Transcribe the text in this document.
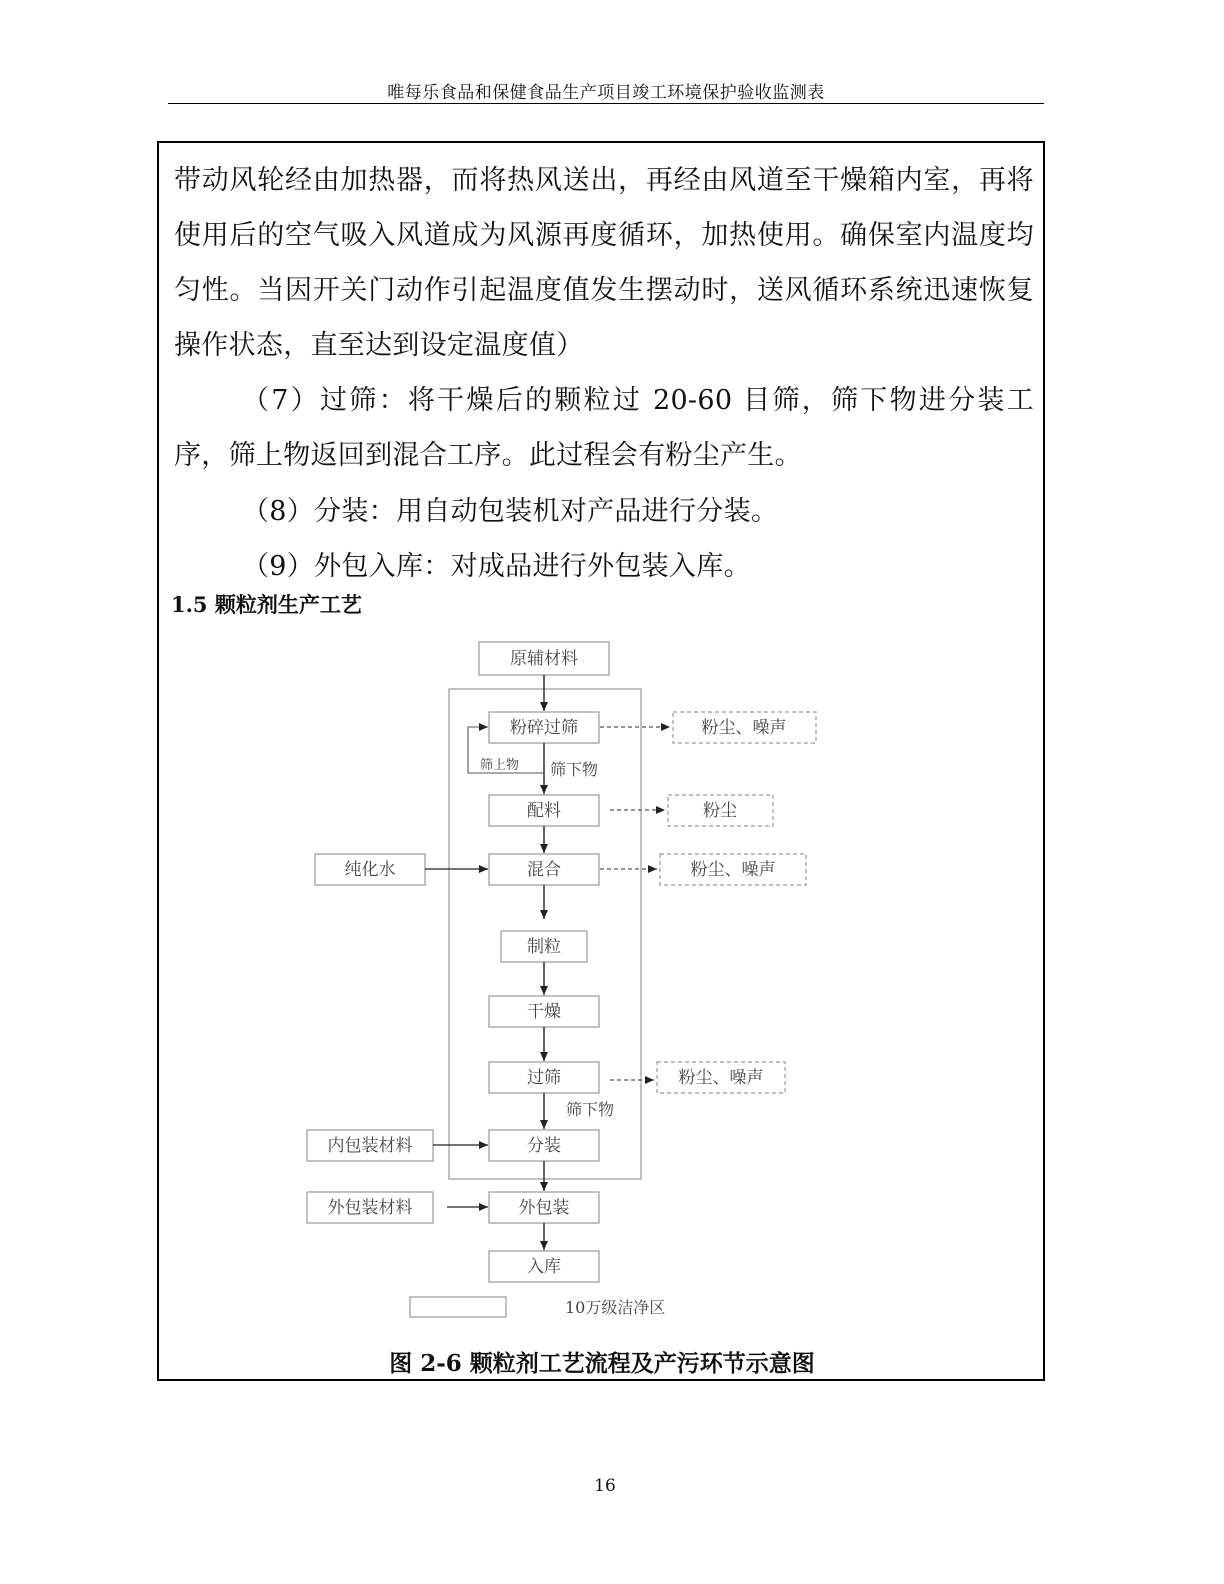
唯每乐食品和保健食品生产项目竣工环境保护验收监测表
带动风轮经由加热器，而将热风送出，再经由风道至干燥箱内室，再将使用后的空气吸入风道成为风源再度循环，加热使用。确保室内温度均匀性。当因开关门动作引起温度值发生摆动时，送风循环系统迅速恢复操作状态，直至达到设定温度值）
（7）过筛：将干燥后的颗粒过 20-60 目筛，筛下物进分装工序，筛上物返回到混合工序。此过程会有粉尘产生。
（8）分装：用自动包装机对产品进行分装。
（9）外包入库：对成品进行外包装入库。
1.5 颗粒剂生产工艺
原辅材料
粉碎过筛
配料
混合
制粒
干燥
过筛
分装
外包装
入库
纯化水
内包装材料
外包装材料
粉尘、噪声
粉尘
粉尘、噪声
粉尘、噪声
筛上物 筛下物
筛下物
10万级洁净区
图 2-6 颗粒剂工艺流程及产污环节示意图
16
